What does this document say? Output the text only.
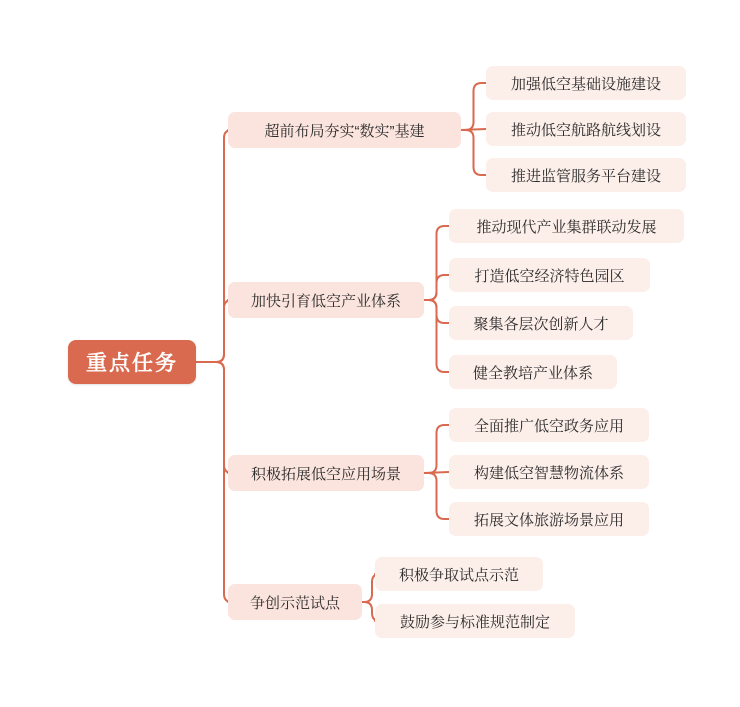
重点任务
超前布局夯实“数实”基建
加强低空基础设施建设
推动低空航路航线划设
推进监管服务平台建设
加快引育低空产业体系
推动现代产业集群联动发展
打造低空经济特色园区
聚集各层次创新人才
健全教培产业体系
积极拓展低空应用场景
全面推广低空政务应用
构建低空智慧物流体系
拓展文体旅游场景应用
争创示范试点
积极争取试点示范
鼓励参与标准规范制定
